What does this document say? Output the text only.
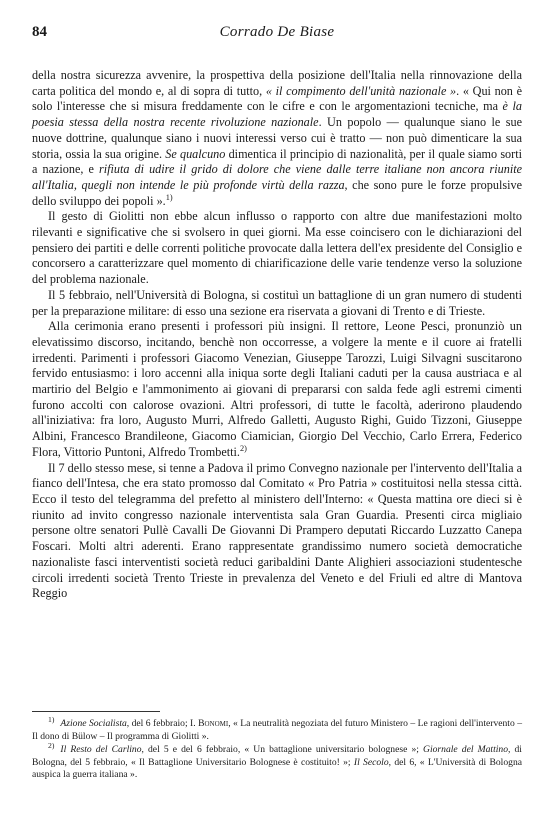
84	Corrado De Biase

della nostra sicurezza avvenire, la prospettiva della posizione dell'Italia nella rinnovazione della carta politica del mondo e, al di sopra di tutto, « il compimento dell'unità nazionale ». « Qui non è solo l'interesse che si misura freddamente con le cifre e con le argomentazioni tecniche, ma è la poesia stessa della nostra recente rivoluzione nazionale. Un popolo — qualunque siano le sue nuove dottrine, qualunque siano i nuovi interessi verso cui è tratto — non può dimenticare la sua storia, ossia la sua origine. Se qualcuno dimentica il principio di nazionalità, per il quale siamo sorti a nazione, e rifiuta di udire il grido di dolore che viene dalle terre italiane non ancora riunite all'Italia, quegli non intende le più profonde virtù della razza, che sono pure le forze propulsive dello sviluppo dei popoli ».$^{1)}$

Il gesto di Giolitti non ebbe alcun influsso o rapporto con altre due manifestazioni molto rilevanti e significative che si svolsero in quei giorni. Ma esse coincisero con le dichiarazioni del pensiero dei partiti e delle correnti politiche provocate dalla lettera dell'ex presidente del Consiglio e concorsero a caratterizzare quel momento di chiarificazione delle varie tendenze verso la soluzione del problema nazionale.

Il 5 febbraio, nell'Università di Bologna, si costituì un battaglione di un gran numero di studenti per la preparazione militare: di esso una sezione era riservata a giovani di Trento e di Trieste.

Alla cerimonia erano presenti i professori più insigni. Il rettore, Leone Pesci, pronunziò un elevatissimo discorso, incitando, benchè non occorresse, a volgere la mente e il cuore ai fratelli irredenti. Parimenti i professori Giacomo Venezian, Giuseppe Tarozzi, Luigi Silvagni suscitarono fervido entusiasmo: i loro accenni alla iniqua sorte degli Italiani caduti per la causa austriaca e al martirio del Belgio e l'ammonimento ai giovani di prepararsi con salda fede agli estremi cimenti furono accolti con calorose ovazioni. Altri professori, di tutte le facoltà, aderirono plaudendo all'iniziativa: fra loro, Augusto Murri, Alfredo Galletti, Augusto Righi, Guido Tizzoni, Giuseppe Albini, Francesco Brandileone, Giacomo Ciamician, Giorgio Del Vecchio, Carlo Errera, Federico Flora, Vittorio Puntoni, Alfredo Trombetti.$^{2)}$

Il 7 dello stesso mese, si tenne a Padova il primo Convegno nazionale per l'intervento dell'Italia a fianco dell'Intesa, che era stato promosso dal Comitato « Pro Patria » costituitosi nella stessa città. Ecco il testo del telegramma del prefetto al ministero dell'Interno: « Questa mattina ore dieci si è riunito ad invito congresso nazionale interventista sala Gran Guardia. Presenti circa migliaio persone oltre senatori Pullè Cavalli De Giovanni Di Prampero deputati Riccardo Luzzatto Canepa Foscari. Molti altri aderenti. Erano rappresentate grandissimo numero società democratiche nazionaliste fasci interventisti società reduci garibaldini Dante Alighieri associazioni studentesche circoli irredenti società Trento Trieste in prevalenza del Veneto e del Friuli ed altre di Mantova Reggio

$^{1)}$ Azione Socialista, del 6 febbraio; I. Bonomi, « La neutralità negoziata del futuro Ministero – Le ragioni dell'intervento – Il dono di Bülow – Il programma di Giolitti ».

$^{2)}$ Il Resto del Carlino, del 5 e del 6 febbraio, « Un battaglione universitario bolognese »; Giornale del Mattino, di Bologna, del 5 febbraio, « Il Battaglione Universitario Bolognese è costituito! »; Il Secolo, del 6, « L'Università di Bologna auspica la guerra italiana ».
